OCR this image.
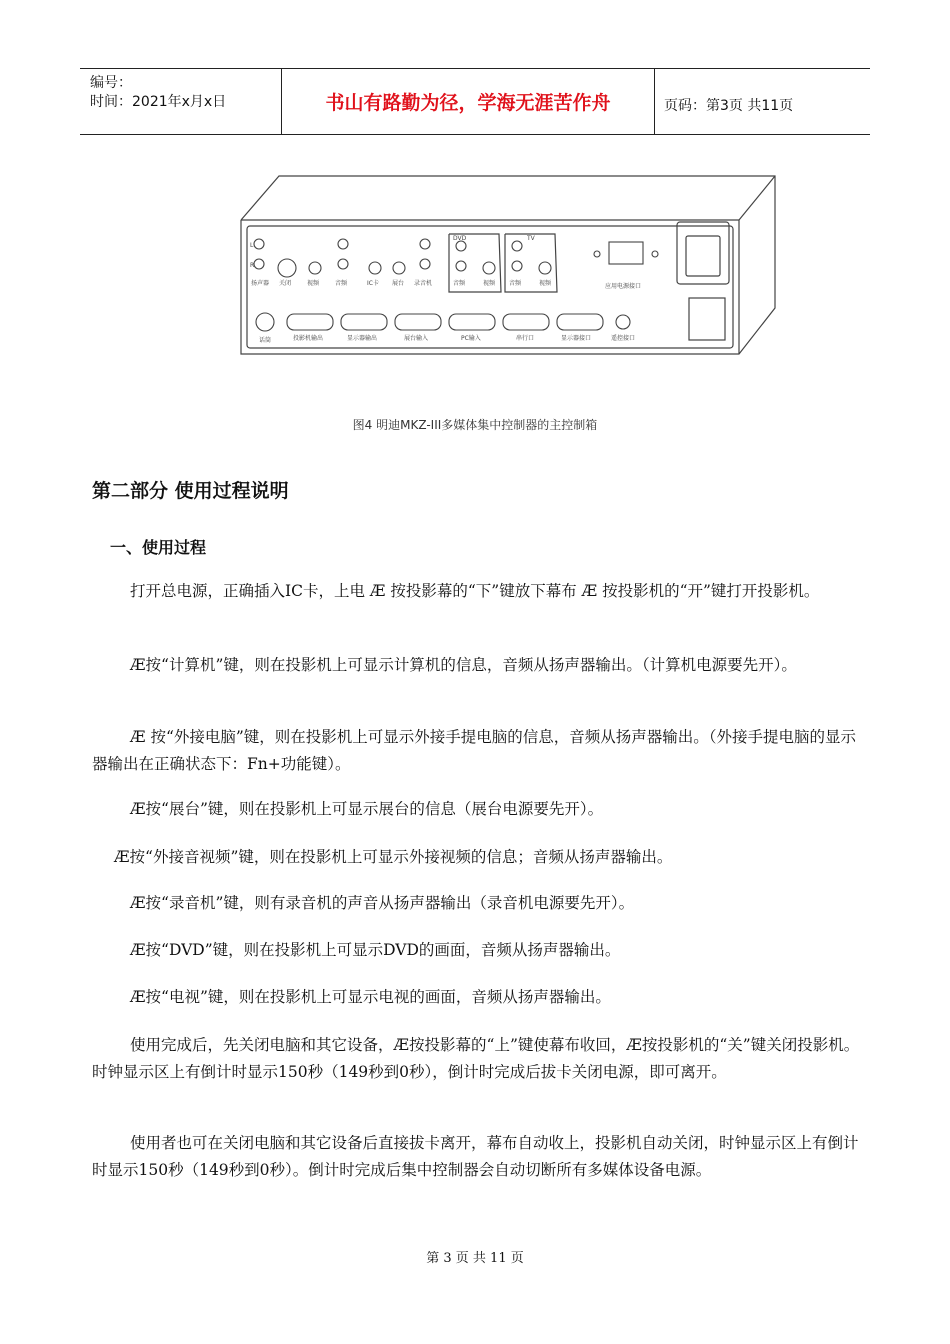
编号：
时间：2021年x月x日	书山有路勤为径，学海无涯苦作舟	页码：第3页 共11页
L
R
DVD	TV
扬声器 关闭	视频	音频	IC卡 展台 录音机	音频	视频 音频	视频	应用电源接口
话筒	投影机输出	显示器输出	展台输入	PC输入	串行口	显示器接口	遥控接口
图4 明迪MKZ-III多媒体集中控制器的主控制箱
第二部分 使用过程说明
一、使用过程

打开总电源，正确插入IC卡，上电 Æ 按投影幕的“下”键放下幕布 Æ 按投影机的“开”键打开投影机。

Æ按“计算机”键，则在投影机上可显示计算机的信息，音频从扬声器输出。（计算机电源要先开）。

Æ 按“外接电脑”键，则在投影机上可显示外接手提电脑的信息，音频从扬声器输出。（外接手提电脑的显示器输出在正确状态下：Fn+功能键）。

Æ按“展台”键，则在投影机上可显示展台的信息（展台电源要先开）。

Æ按“外接音视频”键，则在投影机上可显示外接视频的信息；音频从扬声器输出。

Æ按“录音机”键，则有录音机的声音从扬声器输出（录音机电源要先开）。

Æ按“DVD”键，则在投影机上可显示DVD的画面，音频从扬声器输出。

Æ按“电视”键，则在投影机上可显示电视的画面，音频从扬声器输出。

使用完成后，先关闭电脑和其它设备，Æ按投影幕的“上”键使幕布收回，Æ按投影机的“关”键关闭投影机。时钟显示区上有倒计时显示150秒（149秒到0秒），倒计时完成后拔卡关闭电源，即可离开。

使用者也可在关闭电脑和其它设备后直接拔卡离开，幕布自动收上，投影机自动关闭，时钟显示区上有倒计时显示150秒（149秒到0秒）。倒计时完成后集中控制器会自动切断所有多媒体设备电源。

第 3 页 共 11 页
